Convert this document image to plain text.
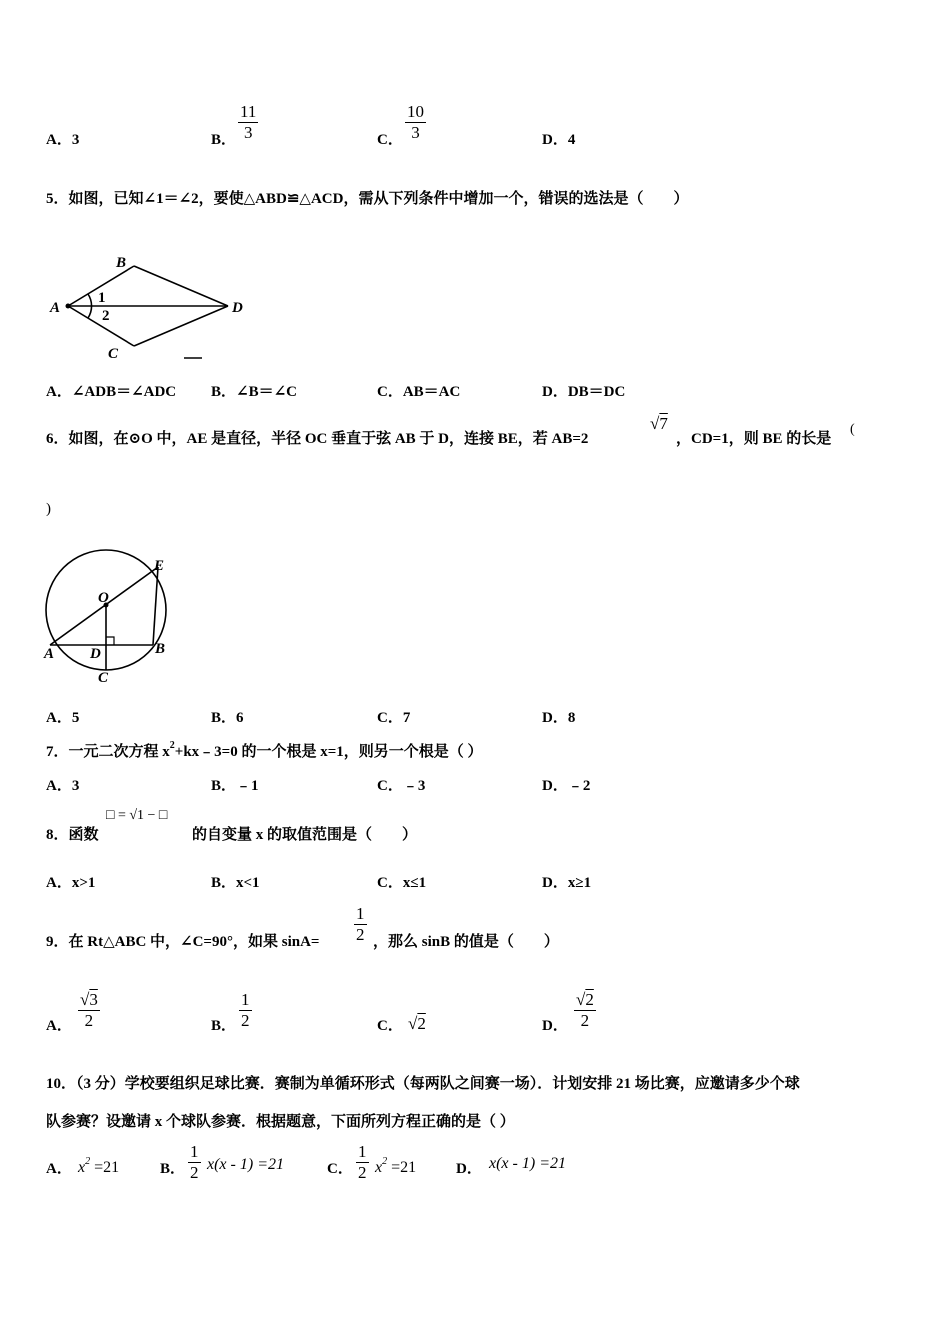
A．3	B． $\frac{11}{3}$	C． $\frac{10}{3}$	D．4
5．如图，已知∠1＝∠2，要使△ABD≌△ACD，需从下列条件中增加一个，错误的选法是（　　）
A
B
C
D
1
2
A．∠ADB＝∠ADC B．∠B＝∠C	C．AB＝AC	D．DB＝DC
6．如图，在⊙O 中，AE 是直径，半径 OC 垂直于弦 AB 于 D，连接 BE，若 AB=2
√7
，CD=1，则 BE 的长是
(
)
O
E
A D	B
C
A．5	B．6	C．7	D．8
7．一元二次方程 $x^2+kx﹣3=0$ 的一个根是 x=1，则另一个根是（ ）
A．3	B．﹣1	C．﹣3	D．﹣2
8．函数
□ = √1 − □
的自变量 x 的取值范围是（　　）
A．x>1	B．x<1	C．x≤1	D．x≥1
9．在 Rt△ABC 中，∠C=90°，如果 $\sin A= \frac{1}{2}$ ，那么 sinB 的值是（　　）
A． $\frac{√3}{2}$	B． $\frac{1}{2}$	C． √2	D． $\frac{√2}{2}$
10．（3 分）学校要组织足球比赛．赛制为单循环形式（每两队之间赛一场）．计划安排 21 场比赛，应邀请多少个球
队参赛？设邀请 x 个球队参赛．根据题意，下面所列方程正确的是（ ）
A． $x^2 =21$	B． $\frac{1}{2} x(x - 1) =21$	C． $\frac{1}{2} x^2 =21$	D． x(x - 1) =21
